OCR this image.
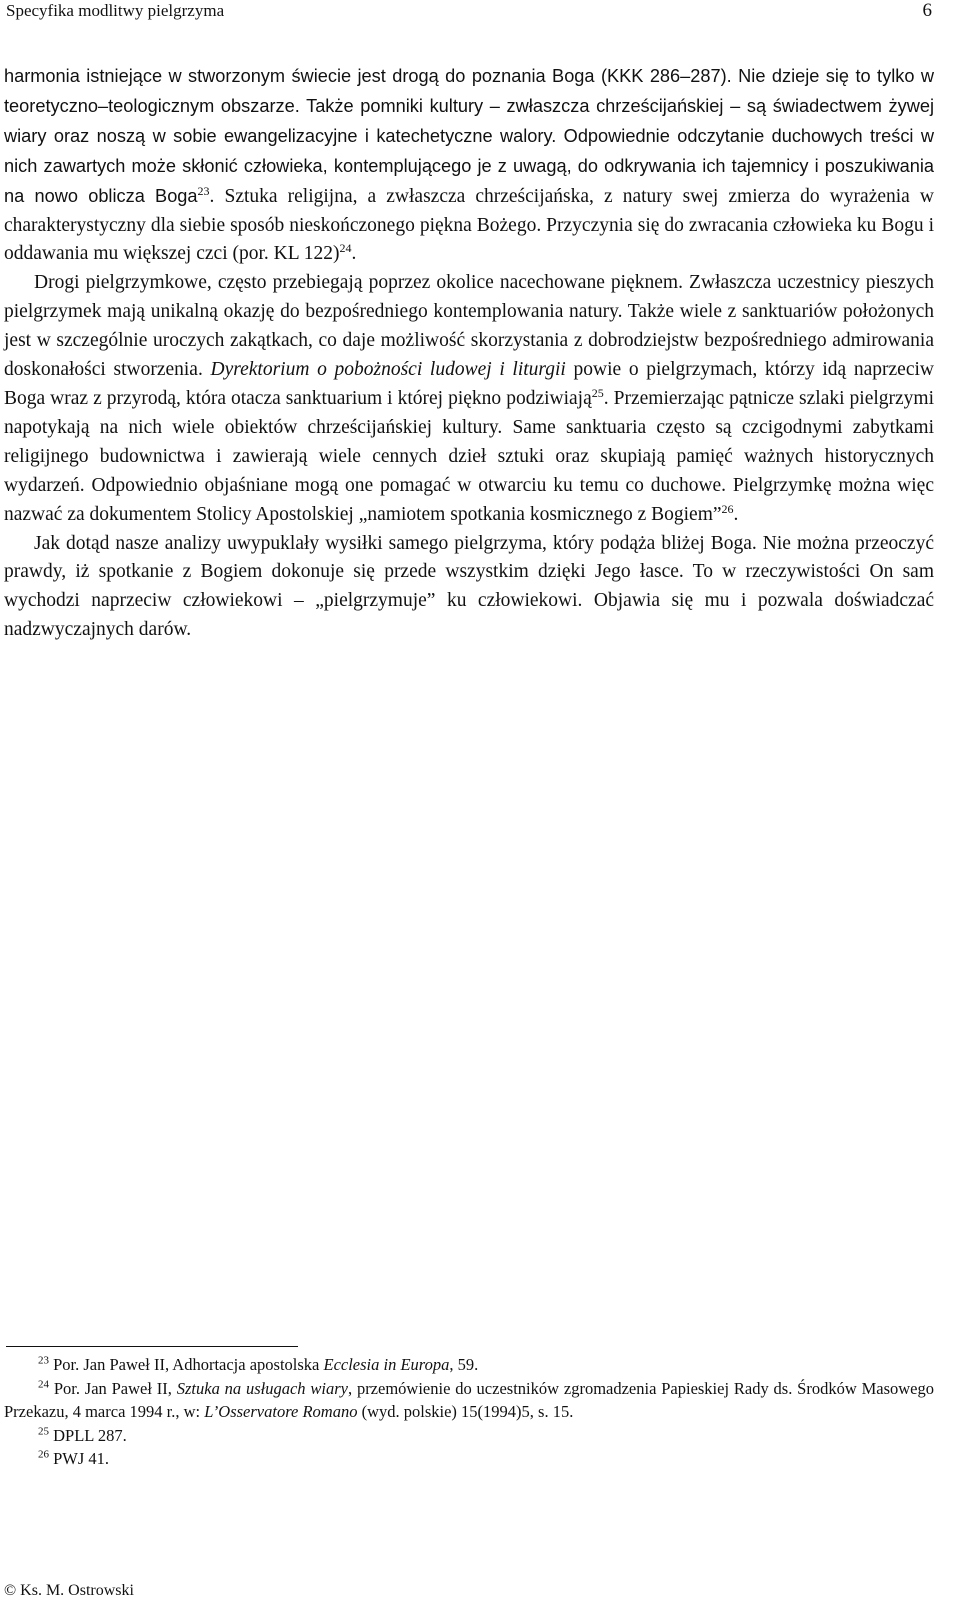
Specyfika modlitwy pielgrzyma	6

harmonia istniejące w stworzonym świecie jest drogą do poznania Boga (KKK 286–287). Nie dzieje się to tylko w teoretyczno–teologicznym obszarze. Także pomniki kultury – zwłaszcza chrześcijańskiej – są świadectwem żywej wiary oraz noszą w sobie ewangelizacyjne i katechetyczne walory. Odpowiednie odczytanie duchowych treści w nich zawartych może skłonić człowieka, kontemplującego je z uwagą, do odkrywania ich tajemnicy i poszukiwania na nowo oblicza Boga$^{23}$. Sztuka religijna, a zwłaszcza chrześcijańska, z natury swej zmierza do wyrażenia w charakterystyczny dla siebie sposób nieskończonego piękna Bożego. Przyczynia się do zwracania człowieka ku Bogu i oddawania mu większej czci (por. KL 122)$^{24}$.

Drogi pielgrzymkowe, często przebiegają poprzez okolice nacechowane pięknem. Zwłaszcza uczestnicy pieszych pielgrzymek mają unikalną okazję do bezpośredniego kontemplowania natury. Także wiele z sanktuariów położonych jest w szczególnie uroczych zakątkach, co daje możliwość skorzystania z dobrodziejstw bezpośredniego admirowania doskonałości stworzenia. Dyrektorium o pobożności ludowej i liturgii powie o pielgrzymach, którzy idą naprzeciw Boga wraz z przyrodą, która otacza sanktuarium i której piękno podziwiają$^{25}$. Przemierzając pątnicze szlaki pielgrzymi napotykają na nich wiele obiektów chrześcijańskiej kultury. Same sanktuaria często są czcigodnymi zabytkami religijnego budownictwa i zawierają wiele cennych dzieł sztuki oraz skupiają pamięć ważnych historycznych wydarzeń. Odpowiednio objaśniane mogą one pomagać w otwarciu ku temu co duchowe. Pielgrzymkę można więc nazwać za dokumentem Stolicy Apostolskiej „namiotem spotkania kosmicznego z Bogiem”$^{26}$.

Jak dotąd nasze analizy uwypuklały wysiłki samego pielgrzyma, który podąża bliżej Boga. Nie można przeoczyć prawdy, iż spotkanie z Bogiem dokonuje się przede wszystkim dzięki Jego łasce. To w rzeczywistości On sam wychodzi naprzeciw człowiekowi – „pielgrzymuje” ku człowiekowi. Objawia się mu i pozwala doświadczać nadzwyczajnych darów.

$^{23}$ Por. Jan Paweł II, Adhortacja apostolska Ecclesia in Europa, 59.

$^{24}$ Por. Jan Paweł II, Sztuka na usługach wiary, przemówienie do uczestników zgromadzenia Papieskiej Rady ds. Środków Masowego Przekazu, 4 marca 1994 r., w: L’Osservatore Romano (wyd. polskie) 15(1994)5, s. 15.

$^{25}$ DPLL 287.

$^{26}$ PWJ 41.

© Ks. M. Ostrowski
